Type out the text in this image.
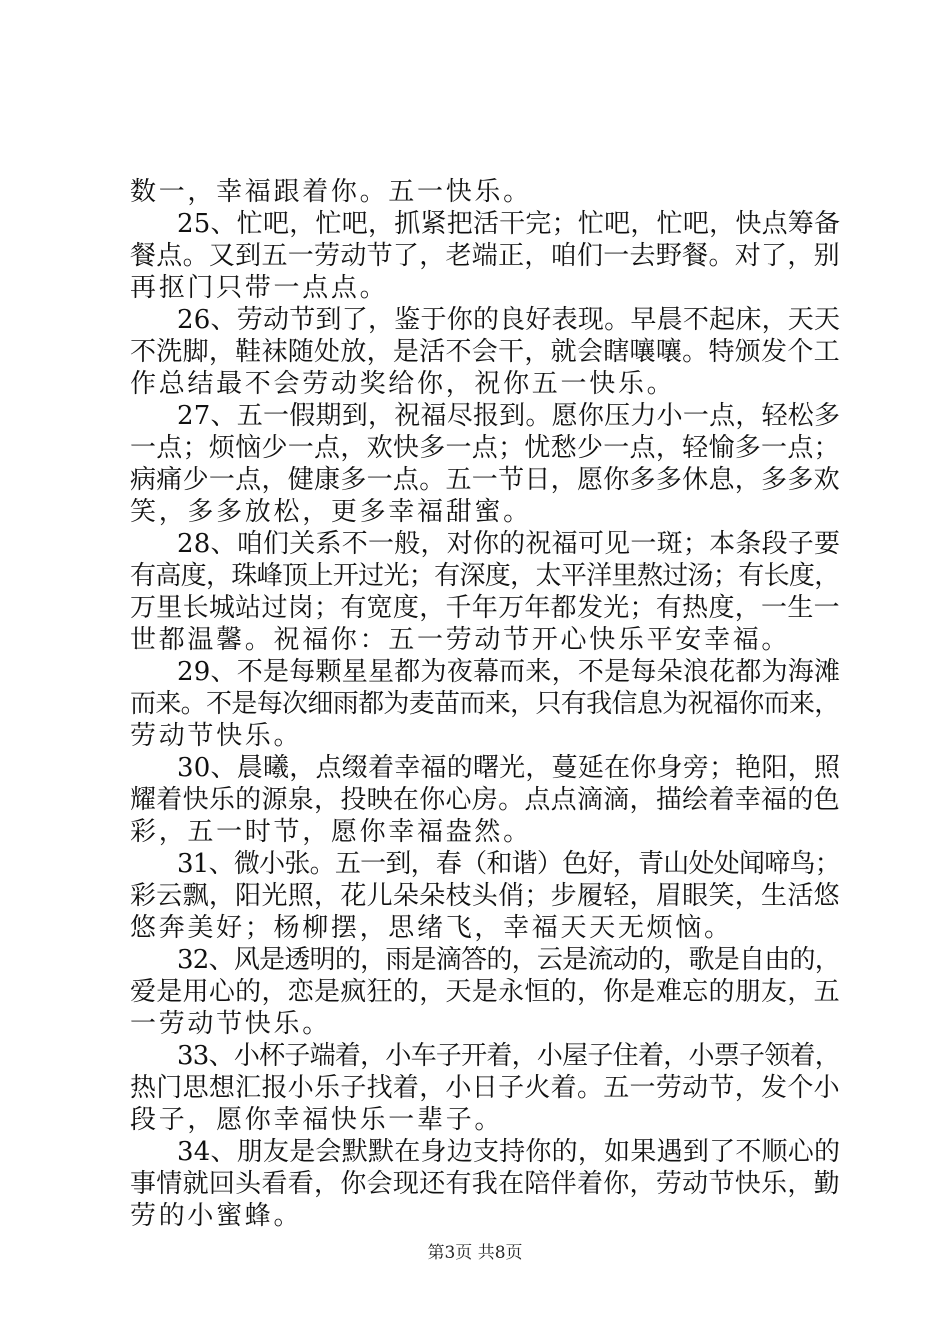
数一，幸福跟着你。五一快乐。
25、忙吧，忙吧，抓紧把活干完；忙吧，忙吧，快点筹备
餐点。又到五一劳动节了，老端正，咱们一去野餐。对了，别
再抠门只带一点点。
26、劳动节到了，鉴于你的良好表现。早晨不起床，天天
不洗脚，鞋袜随处放，是活不会干，就会瞎嚷嚷。特颁发个工
作总结最不会劳动奖给你，祝你五一快乐。
27、五一假期到，祝福尽报到。愿你压力小一点，轻松多
一点；烦恼少一点，欢快多一点；忧愁少一点，轻愉多一点；
病痛少一点，健康多一点。五一节日，愿你多多休息，多多欢
笑，多多放松，更多幸福甜蜜。
28、咱们关系不一般，对你的祝福可见一斑；本条段子要
有高度，珠峰顶上开过光；有深度，太平洋里熬过汤；有长度，
万里长城站过岗；有宽度，千年万年都发光；有热度，一生一
世都温馨。祝福你：五一劳动节开心快乐平安幸福。
29、不是每颗星星都为夜幕而来，不是每朵浪花都为海滩
而来。不是每次细雨都为麦苗而来，只有我信息为祝福你而来，
劳动节快乐。
30、晨曦，点缀着幸福的曙光，蔓延在你身旁；艳阳，照
耀着快乐的源泉，投映在你心房。点点滴滴，描绘着幸福的色
彩，五一时节，愿你幸福盎然。
31、微小张。五一到，春（和谐）色好，青山处处闻啼鸟；
彩云飘，阳光照，花儿朵朵枝头俏；步履轻，眉眼笑，生活悠
悠奔美好；杨柳摆，思绪飞，幸福天天无烦恼。
32、风是透明的，雨是滴答的，云是流动的，歌是自由的，
爱是用心的，恋是疯狂的，天是永恒的，你是难忘的朋友，五
一劳动节快乐。
33、小杯子端着，小车子开着，小屋子住着，小票子领着，
热门思想汇报小乐子找着，小日子火着。五一劳动节，发个小
段子，愿你幸福快乐一辈子。
34、朋友是会默默在身边支持你的，如果遇到了不顺心的
事情就回头看看，你会现还有我在陪伴着你，劳动节快乐，勤
劳的小蜜蜂。
第3页 共8页
